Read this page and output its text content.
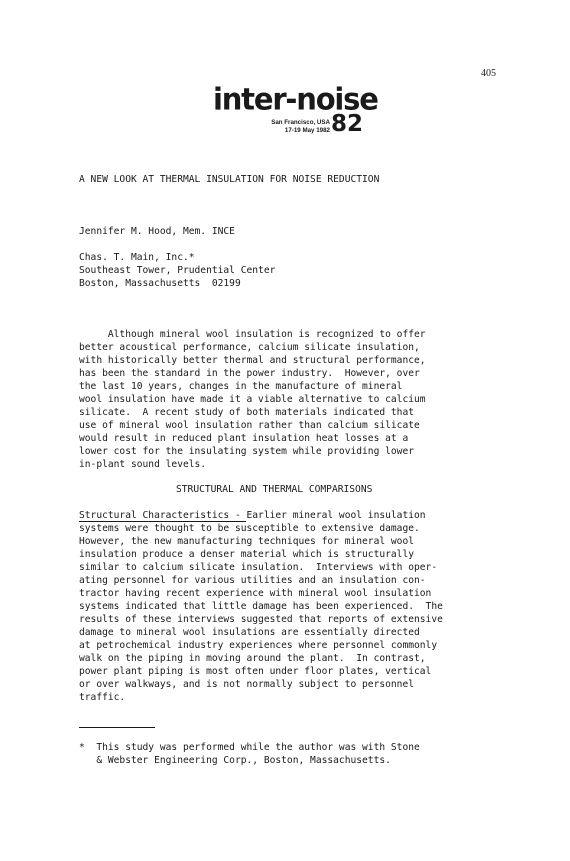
405
inter-noise
San Francisco, USA
17-19 May 1982 82
A NEW LOOK AT THERMAL INSULATION FOR NOISE REDUCTION
Jennifer M. Hood, Mem. INCE
Chas. T. Main, Inc.*
Southeast Tower, Prudential Center
Boston, Massachusetts  02199
Although mineral wool insulation is recognized to offer
better acoustical performance, calcium silicate insulation,
with historically better thermal and structural performance,
has been the standard in the power industry.  However, over
the last 10 years, changes in the manufacture of mineral
wool insulation have made it a viable alternative to calcium
silicate.  A recent study of both materials indicated that
use of mineral wool insulation rather than calcium silicate
would result in reduced plant insulation heat losses at a
lower cost for the insulating system while providing lower
in-plant sound levels.
STRUCTURAL AND THERMAL COMPARISONS
Structural Characteristics - Earlier mineral wool insulation
systems were thought to be susceptible to extensive damage.
However, the new manufacturing techniques for mineral wool
insulation produce a denser material which is structurally
similar to calcium silicate insulation.  Interviews with oper-
ating personnel for various utilities and an insulation con-
tractor having recent experience with mineral wool insulation
systems indicated that little damage has been experienced.  The
results of these interviews suggested that reports of extensive
damage to mineral wool insulations are essentially directed
at petrochemical industry experiences where personnel commonly
walk on the piping in moving around the plant.  In contrast,
power plant piping is most often under floor plates, vertical
or over walkways, and is not normally subject to personnel
traffic.
*  This study was performed while the author was with Stone
& Webster Engineering Corp., Boston, Massachusetts.
